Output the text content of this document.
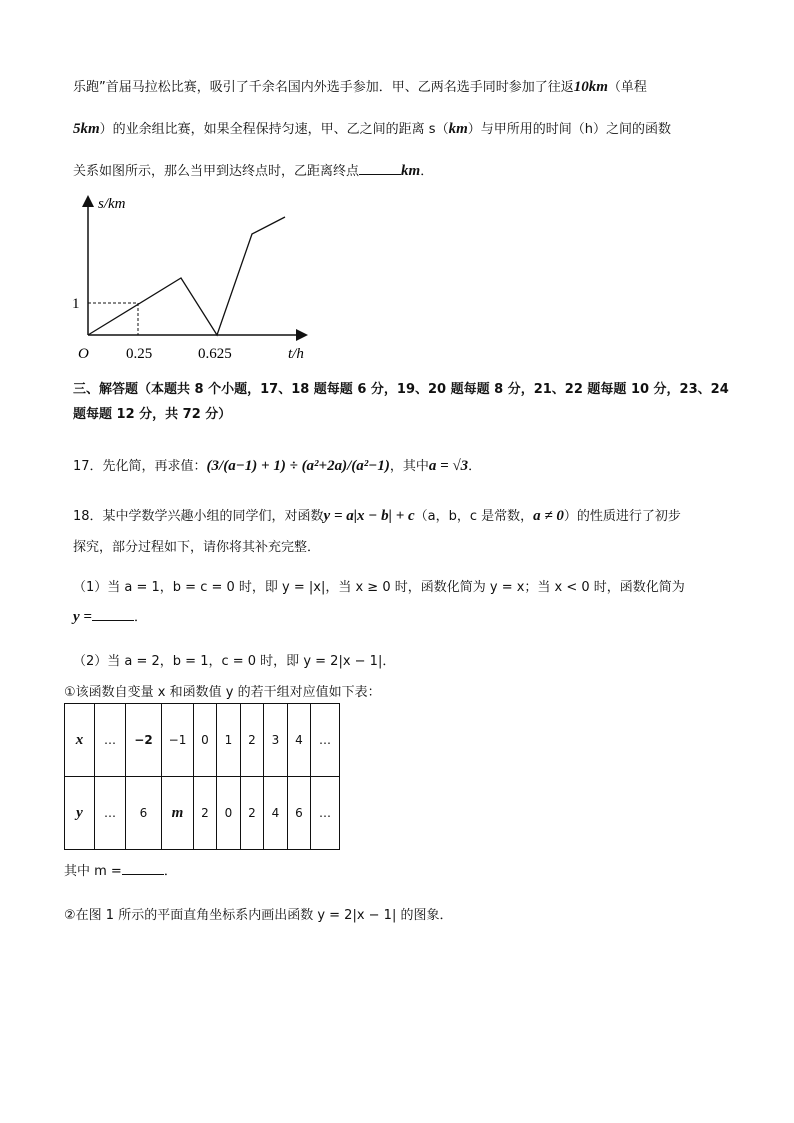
乐跑”首届马拉松比赛，吸引了千余名国内外选手参加．甲、乙两名选手同时参加了往返10km（单程
5km）的业余组比赛，如果全程保持匀速，甲、乙之间的距离 s（km）与甲所用的时间（h）之间的函数
关系如图所示，那么当甲到达终点时，乙距离终点	km．
s/km
t/h
O
1
0.25	0.625
三、解答题（本题共 8 个小题，17、18 题每题 6 分，19、20 题每题 8 分，21、22 题每题 10 分，23、24
题每题 12 分，共 72 分）
17．先化简，再求值：(3/(a−1) + 1) ÷ (a²+2a)/(a²−1)，其中a = √3．
18．某中学数学兴趣小组的同学们，对函数y = a|x − b| + c（a，b，c 是常数，a ≠ 0）的性质进行了初步
探究，部分过程如下，请你将其补充完整．
（1）当 a = 1，b = c = 0 时，即 y = |x|，当 x ≥ 0 时，函数化简为 y = x；当 x < 0 时，函数化简为
y =	．
（2）当 a = 2，b = 1，c = 0 时，即 y = 2|x − 1|．
①该函数自变量 x 和函数值 y 的若干组对应值如下表：
x	…	−2	−1	0	1	2	3	4	…
y	…	6	m	2	0	2	4	6	…
其中 m =	．
②在图 1 所示的平面直角坐标系内画出函数 y = 2|x − 1| 的图象．
